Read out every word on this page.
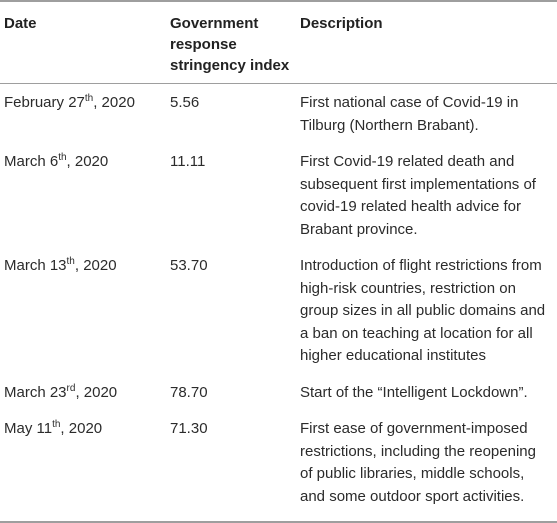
Date	Government response stringency index	Description
February 27th, 2020	5.56	First national case of Covid-19 in Tilburg (Northern Brabant).
March 6th, 2020	11.11	First Covid-19 related death and subsequent first implementations of covid-19 related health advice for Brabant province.
March 13th, 2020	53.70	Introduction of flight restrictions from high-risk countries, restriction on group sizes in all public domains and a ban on teaching at location for all higher educational institutes
March 23rd, 2020	78.70	Start of the “Intelligent Lockdown”.
May 11th, 2020	71.30	First ease of government-imposed restrictions, including the reopening of public libraries, middle schools, and some outdoor sport activities.
